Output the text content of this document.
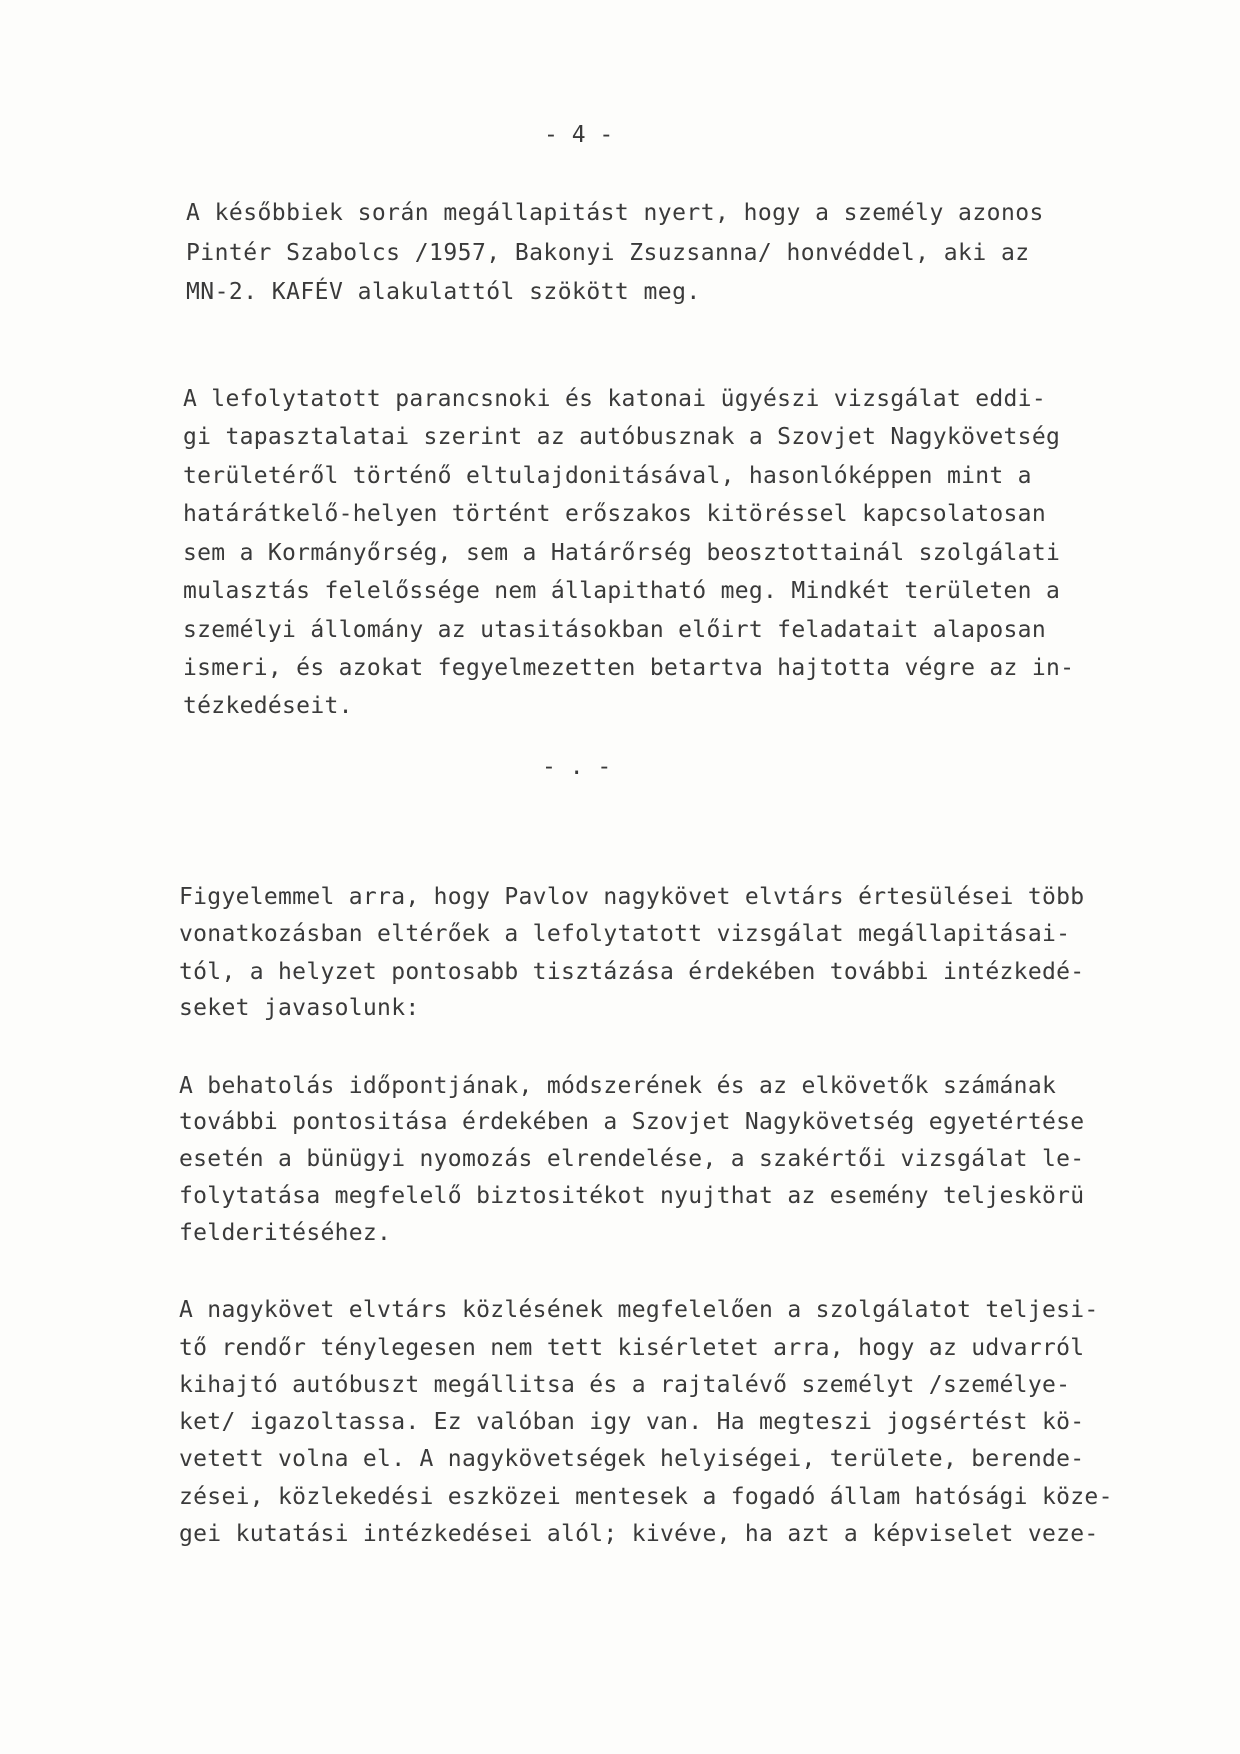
- 4 -
A későbbiek során megállapitást nyert, hogy a személy azonos
Pintér Szabolcs /1957, Bakonyi Zsuzsanna/ honvéddel, aki az
MN-2. KAFÉV alakulattól szökött meg.
A lefolytatott parancsnoki és katonai ügyészi vizsgálat eddi-
gi tapasztalatai szerint az autóbusznak a Szovjet Nagykövetség
területéről történő eltulajdonitásával, hasonlóképpen mint a
határátkelő-helyen történt erőszakos kitöréssel kapcsolatosan
sem a Kormányőrség, sem a Határőrség beosztottainál szolgálati
mulasztás felelőssége nem állapitható meg. Mindkét területen a
személyi állomány az utasitásokban előirt feladatait alaposan
ismeri, és azokat fegyelmezetten betartva hajtotta végre az in-
tézkedéseit.
- . -
Figyelemmel arra, hogy Pavlov nagykövet elvtárs értesülései több
vonatkozásban eltérőek a lefolytatott vizsgálat megállapitásai-
tól, a helyzet pontosabb tisztázása érdekében további intézkedé-
seket javasolunk:
A behatolás időpontjának, módszerének és az elkövetők számának
további pontositása érdekében a Szovjet Nagykövetség egyetértése
esetén a bünügyi nyomozás elrendelése, a szakértői vizsgálat le-
folytatása megfelelő biztositékot nyujthat az esemény teljeskörü
felderitéséhez.
A nagykövet elvtárs közlésének megfelelően a szolgálatot teljesi-
tő rendőr ténylegesen nem tett kisérletet arra, hogy az udvarról
kihajtó autóbuszt megállitsa és a rajtalévő személyt /személye-
ket/ igazoltassa. Ez valóban igy van. Ha megteszi jogsértést kö-
vetett volna el. A nagykövetségek helyiségei, területe, berende-
zései, közlekedési eszközei mentesek a fogadó állam hatósági köze-
gei kutatási intézkedései alól; kivéve, ha azt a képviselet veze-
